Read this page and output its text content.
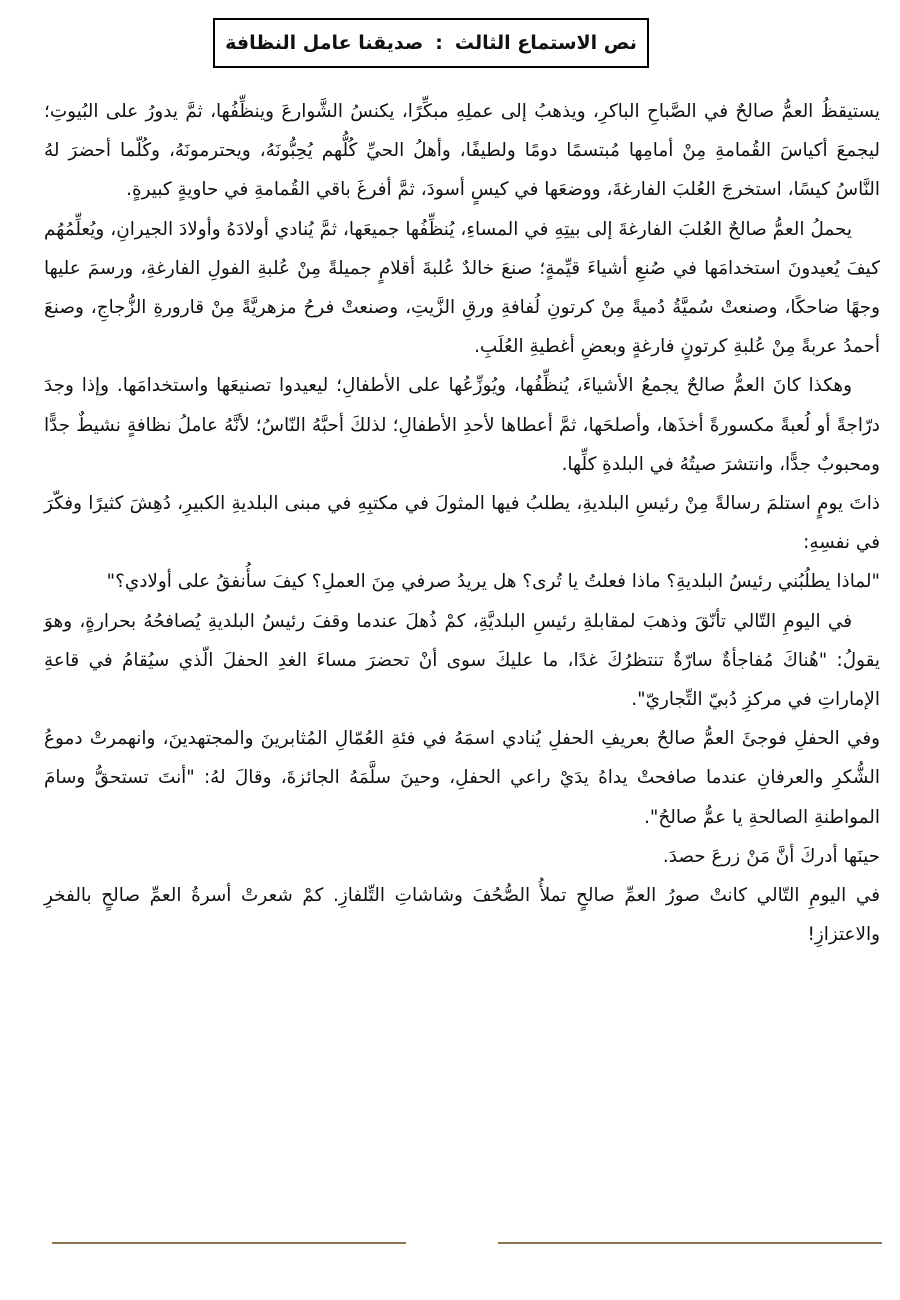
نص الاستماع الثالث
:
صديقنا عامل النظافة

يستيقظُ العمُّ صالحٌ في الصَّباحِ الباكرِ، ويذهبُ إلى عملِهِ مبكِّرًا، يكنسُ الشَّوارعَ وينظِّفُها، ثمَّ يدورُ على البُيوتِ؛ ليجمعَ أكياسَ القُمامةِ مِنْ أمامِها مُبتسمًا دومًا ولطيفًا، وأهلُ الحيِّ كُلُّهم يُحِبُّونَهُ، ويحترمونَهُ، وكُلّما أحضرَ لهُ النَّاسُ كيسًا، استخرجَ العُلبَ الفارغةَ، ووضعَها في كيسٍ أسودَ، ثمَّ أفرغَ باقي القُمامةِ في حاويةٍ كبيرةٍ.

يحملُ العمُّ صالحٌ العُلبَ الفارغةَ إلى بيتِهِ في المساءِ، يُنظِّفُها جميعَها، ثمَّ يُنادي أولادَهُ وأولادَ الجيرانِ، ويُعلِّمُهُم كيفَ يُعيدونَ استخدامَها في صُنعِ أشياءَ قيِّمةٍ؛ صنعَ خالدٌ عُلبةَ أقلامٍ جميلةً مِنْ عُلبةِ الفولِ الفارغةِ، ورسمَ عليها وجهًا ضاحكًا، وصنعتْ سُميَّةُ دُميةً مِنْ كرتونِ لُفافةِ ورقِ الزَّيتِ، وصنعتْ فرحُ مزهريَّةً مِنْ قارورةِ الزُّجاجِ، وصنعَ أحمدُ عربةً مِنْ عُلبةِ كرتونٍ فارغةٍ وبعضِ أغطيةِ العُلَبِ.

وهكذا كانَ العمُّ صالحٌ يجمعُ الأشياءَ، يُنظِّفُها، ويُوزِّعُها على الأطفالِ؛ ليعيدوا تصنيعَها واستخدامَها. وإذا وجدَ درّاجةً أو لُعبةً مكسورةً أخذَها، وأصلحَها، ثمَّ أعطاها لأحدِ الأطفالِ؛ لذلكَ أحبَّهُ النّاسُ؛ لأنَّهُ عاملُ نظافةٍ نشيطٌ جدًّا ومحبوبٌ جدًّا، وانتشرَ صيتُهُ في البلدةِ كلِّها.

ذاتَ يومٍ استلمَ رسالةً مِنْ رئيسِ البلديةِ، يطلبُ فيها المثولَ في مكتبِهِ في مبنى البلديةِ الكبيرِ، دُهِشَ كثيرًا وفكّرَ في نفسِهِ:

"لماذا يطلُبُني رئيسُ البلديةِ؟ ماذا فعلتُ يا تُرى؟ هل يريدُ صرفي مِنَ العملِ؟ كيفَ سأُنفقُ على أولادي؟"

في اليومِ التّالي تأنّقَ وذهبَ لمقابلةِ رئيسِ البلديَّةِ، كمْ ذُهلَ عندما وقفَ رئيسُ البلديةِ يُصافحُهُ بحرارةٍ، وهوَ يقولُ: "هُناكَ مُفاجأةٌ سارّةٌ تنتظرُكَ غدًا، ما عليكَ سوى أنْ تحضرَ مساءَ الغدِ الحفلَ الّذي سيُقامُ في قاعةِ الإماراتِ في مركزِ دُبيّ التِّجاريّ".

وفي الحفلِ فوجئَ العمُّ صالحٌ بعريفِ الحفلِ يُنادي اسمَهُ في فئةِ العُمّالِ المُثابرينَ والمجتهدينَ، وانهمرتْ دموعُ الشُّكرِ والعرفانِ عندما صافحتْ يداهُ يدَيْ راعي الحفلِ، وحينَ سلَّمَهُ الجائزةَ، وقالَ لهُ: "أنتَ تستحقُّ وسامَ المواطنةِ الصالحةِ يا عمُّ صالحُ".

حينَها أدركَ أنَّ مَنْ زرعَ حصدَ.

في اليومِ التّالي كانتْ صورُ العمِّ صالحٍ تملأُ الصُّحُفَ وشاشاتِ التِّلفازِ. كمْ شعرتْ أسرةُ العمِّ صالحٍ بالفخرِ والاعتزازِ!
